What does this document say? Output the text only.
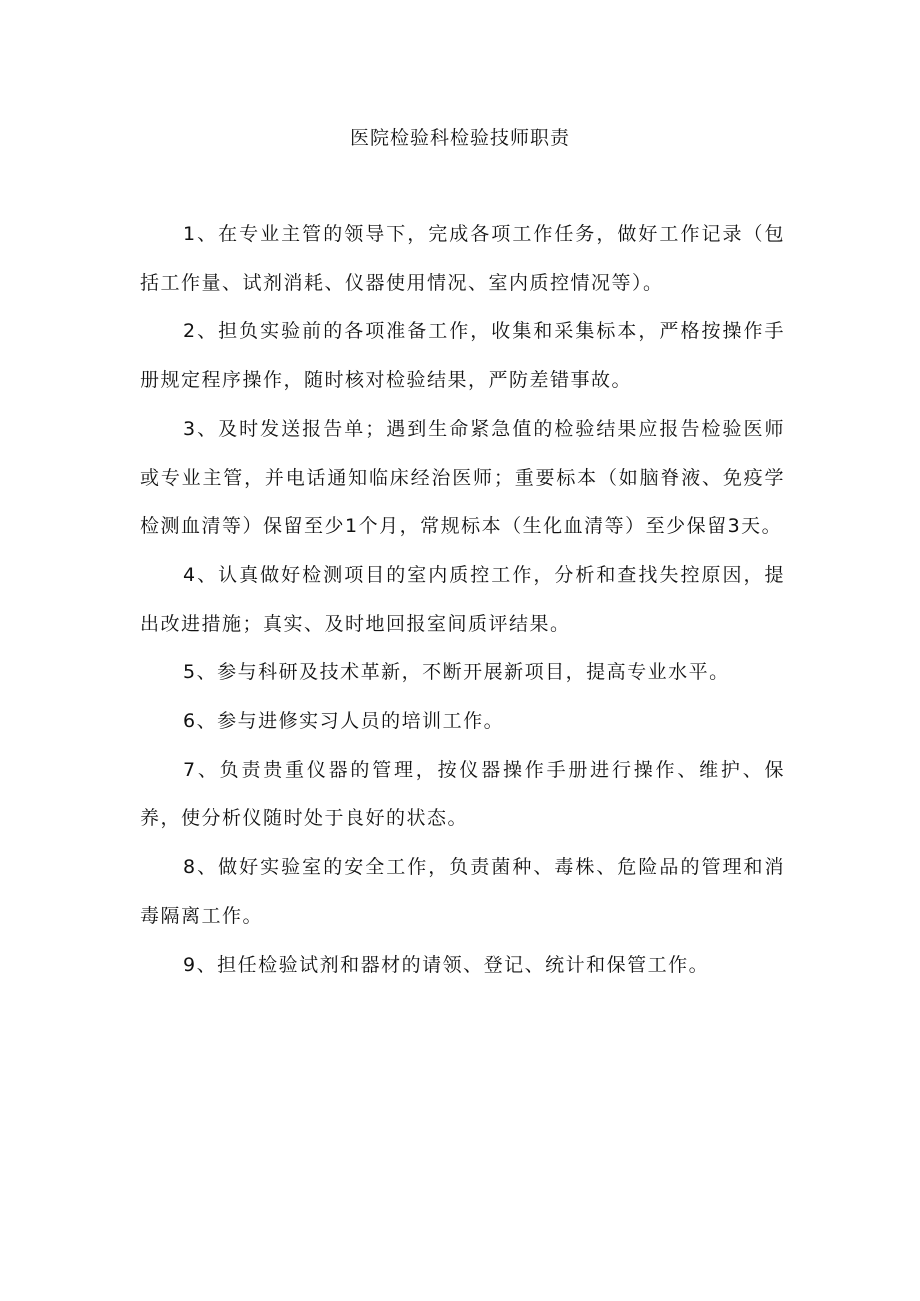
医院检验科检验技师职责

1、在专业主管的领导下，完成各项工作任务，做好工作记录（包括工作量、试剂消耗、仪器使用情况、室内质控情况等）。

2、担负实验前的各项准备工作，收集和采集标本，严格按操作手册规定程序操作，随时核对检验结果，严防差错事故。

3、及时发送报告单；遇到生命紧急值的检验结果应报告检验医师或专业主管，并电话通知临床经治医师；重要标本（如脑脊液、免疫学检测血清等）保留至少1个月，常规标本（生化血清等）至少保留3天。

4、认真做好检测项目的室内质控工作，分析和查找失控原因，提出改进措施；真实、及时地回报室间质评结果。

5、参与科研及技术革新，不断开展新项目，提高专业水平。

6、参与进修实习人员的培训工作。

7、负责贵重仪器的管理，按仪器操作手册进行操作、维护、保养，使分析仪随时处于良好的状态。

8、做好实验室的安全工作，负责菌种、毒株、危险品的管理和消毒隔离工作。

9、担任检验试剂和器材的请领、登记、统计和保管工作。
